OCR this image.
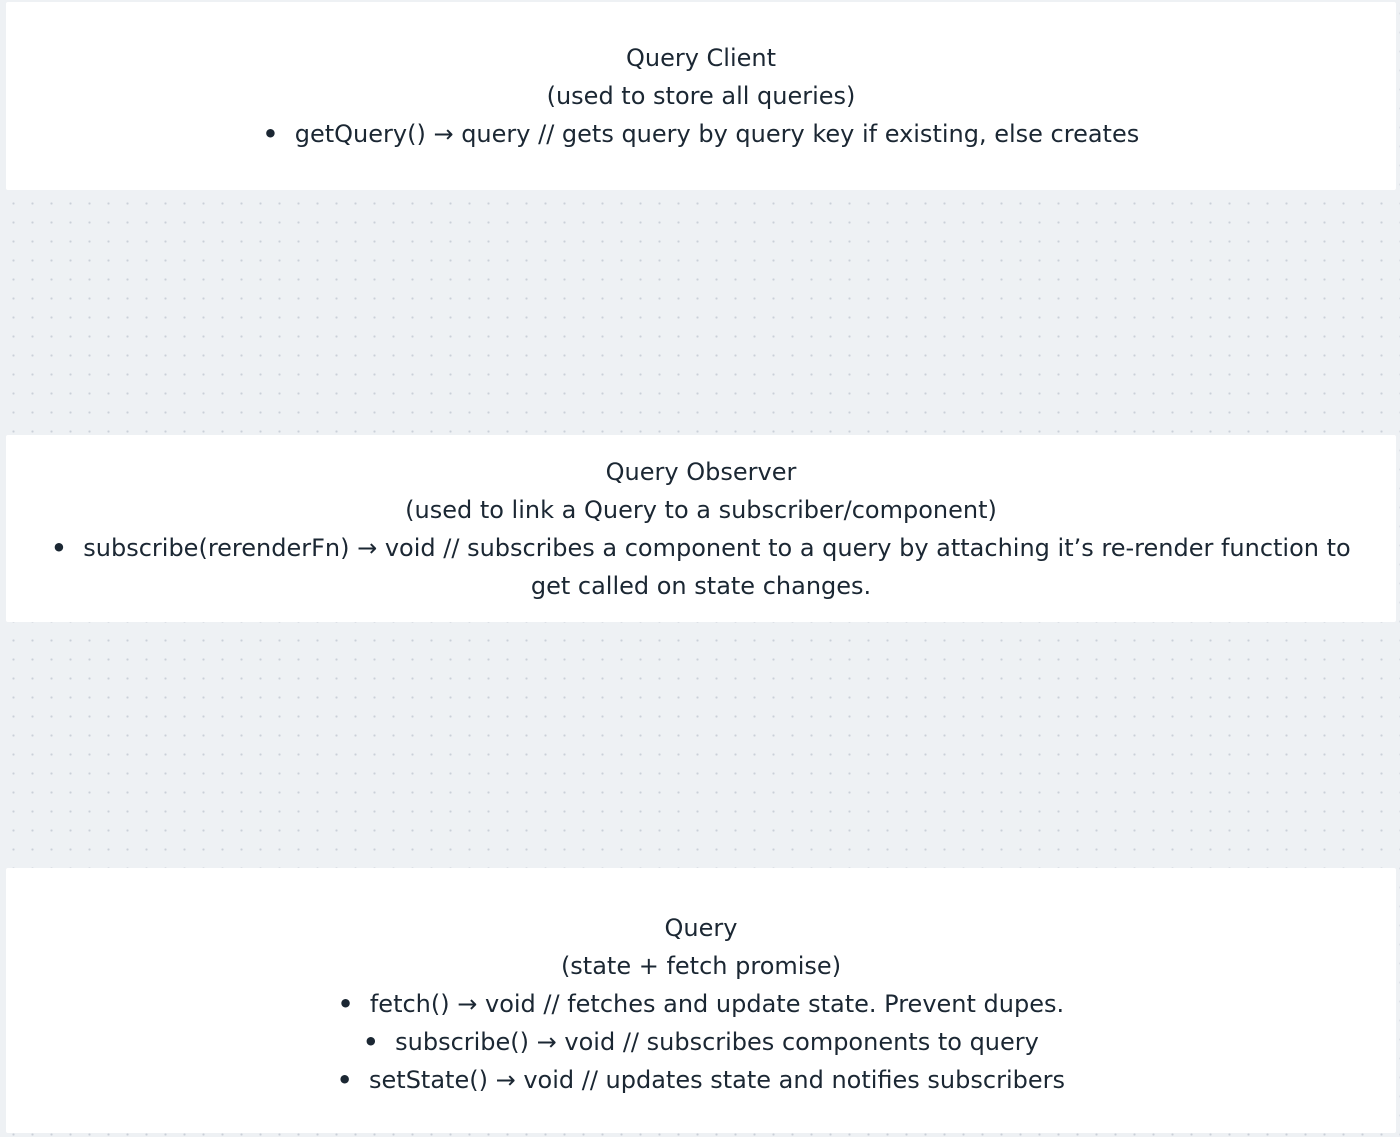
Query Client
(used to store all queries)
• getQuery() → query // gets query by query key if existing, else creates
Query Observer
(used to link a Query to a subscriber/component)
• subscribe(rerenderFn) → void // subscribes a component to a query by attaching it’s re-render function to get called on state changes.
Query
(state + fetch promise)
• fetch() → void // fetches and update state. Prevent dupes.
• subscribe() → void // subscribes components to query
• setState() → void // updates state and notifies subscribers
